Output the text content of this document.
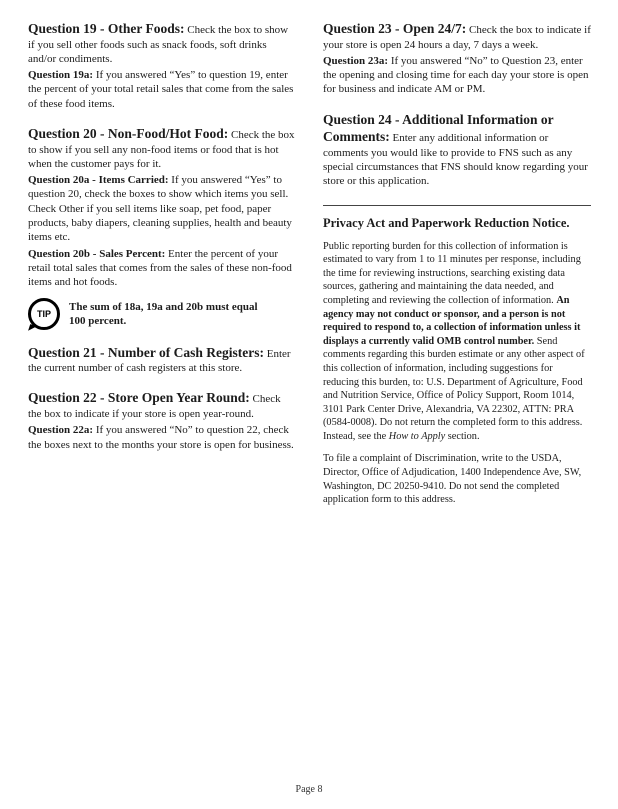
Question 19 - Other Foods: Check the box to show if you sell other foods such as snack foods, soft drinks and/or condiments.

Question 19a: If you answered “Yes” to question 19, enter the percent of your total retail sales that come from the sales of these food items.

Question 20 - Non-Food/Hot Food: Check the box to show if you sell any non-food items or food that is hot when the customer pays for it.

Question 20a - Items Carried: If you answered “Yes” to question 20, check the boxes to show which items you sell. Check Other if you sell items like soap, pet food, paper products, baby diapers, cleaning supplies, health and beauty items etc.

Question 20b - Sales Percent: Enter the percent of your retail total sales that comes from the sales of these non-food items and hot foods.

TIP
The sum of 18a, 19a and 20b must equal 100 percent.

Question 21 - Number of Cash Registers: Enter the current number of cash registers at this store.

Question 22 - Store Open Year Round: Check the box to indicate if your store is open year-round.

Question 22a: If you answered “No” to question 22, check the boxes next to the months your store is open for business.

Question 23 - Open 24/7: Check the box to indicate if your store is open 24 hours a day, 7 days a week.

Question 23a: If you answered “No” to Question 23, enter the opening and closing time for each day your store is open for business and indicate AM or PM.

Question 24 - Additional Information or Comments: Enter any additional information or comments you would like to provide to FNS such as any special circumstances that FNS should know regarding your store or this application.

Privacy Act and Paperwork Reduction Notice.

Public reporting burden for this collection of information is estimated to vary from 1 to 11 minutes per response, including the time for reviewing instructions, searching existing data sources, gathering and maintaining the data needed, and completing and reviewing the collection of information. An agency may not conduct or sponsor, and a person is not required to respond to, a collection of information unless it displays a currently valid OMB control number. Send comments regarding this burden estimate or any other aspect of this collection of information, including suggestions for reducing this burden, to: U.S. Department of Agriculture, Food and Nutrition Service, Office of Policy Support, Room 1014, 3101 Park Center Drive, Alexandria, VA 22302, ATTN: PRA (0584-0008). Do not return the completed form to this address. Instead, see the How to Apply section.

To file a complaint of Discrimination, write to the USDA, Director, Office of Adjudication, 1400 Independence Ave, SW, Washington, DC 20250-9410. Do not send the completed application form to this address.

Page 8
